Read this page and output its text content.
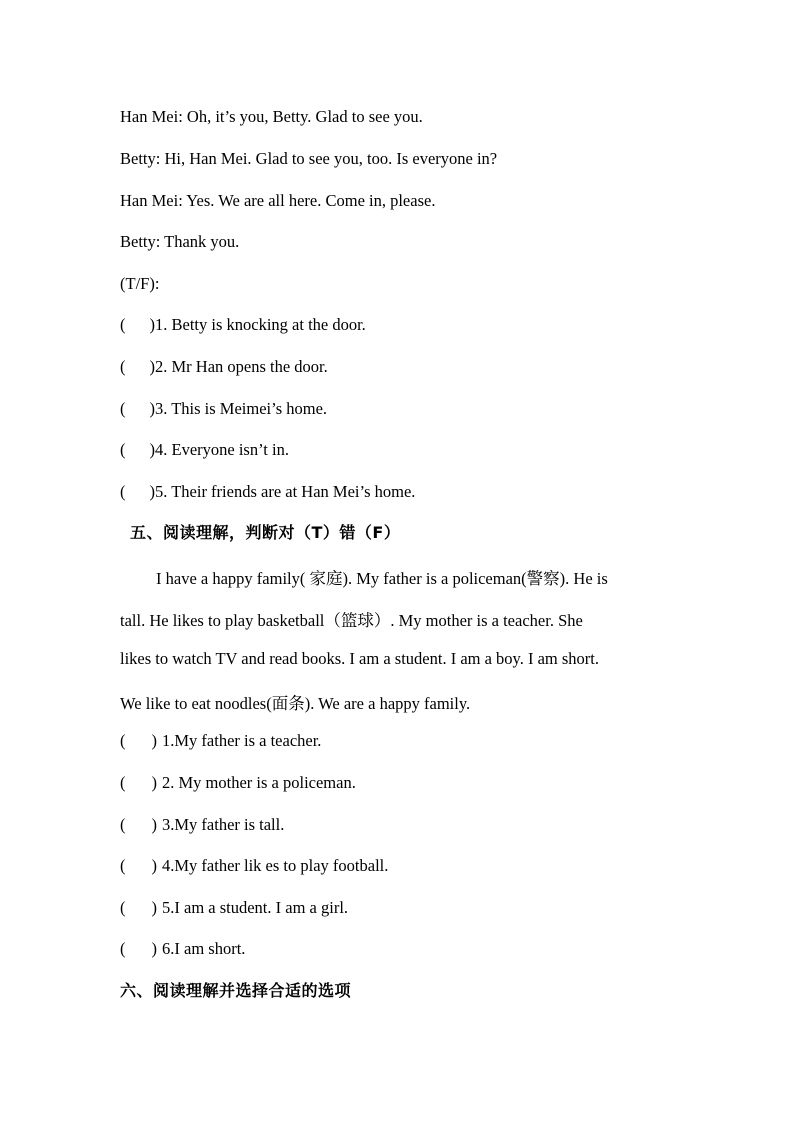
Han Mei: Oh, it’s you, Betty. Glad to see you.
Betty: Hi, Han Mei. Glad to see you, too. Is everyone in?
Han Mei: Yes. We are all here. Come in, please.
Betty: Thank you.
(T/F):
( )1. Betty is knocking at the door.
( )2. Mr Han opens the door.
( )3. This is Meimei’s home.
( )4. Everyone isn’t in.
( )5. Their friends are at Han Mei’s home.
五、阅读理解，判断对（T）错（F）
I have a happy family( 家庭). My father is a policeman(警察). He is
tall. He likes to play basketball（篮球）. My mother is a teacher. She
likes to watch TV and read books. I am a student. I am a boy. I am short.
We like to eat noodles(面条). We are a happy family.
( ) 1.My father is a teacher.
( ) 2. My mother is a policeman.
( ) 3.My father is tall.
( ) 4.My father lik es to play football.
( ) 5.I am a student. I am a girl.
( ) 6.I am short.
六、阅读理解并选择合适的选项
